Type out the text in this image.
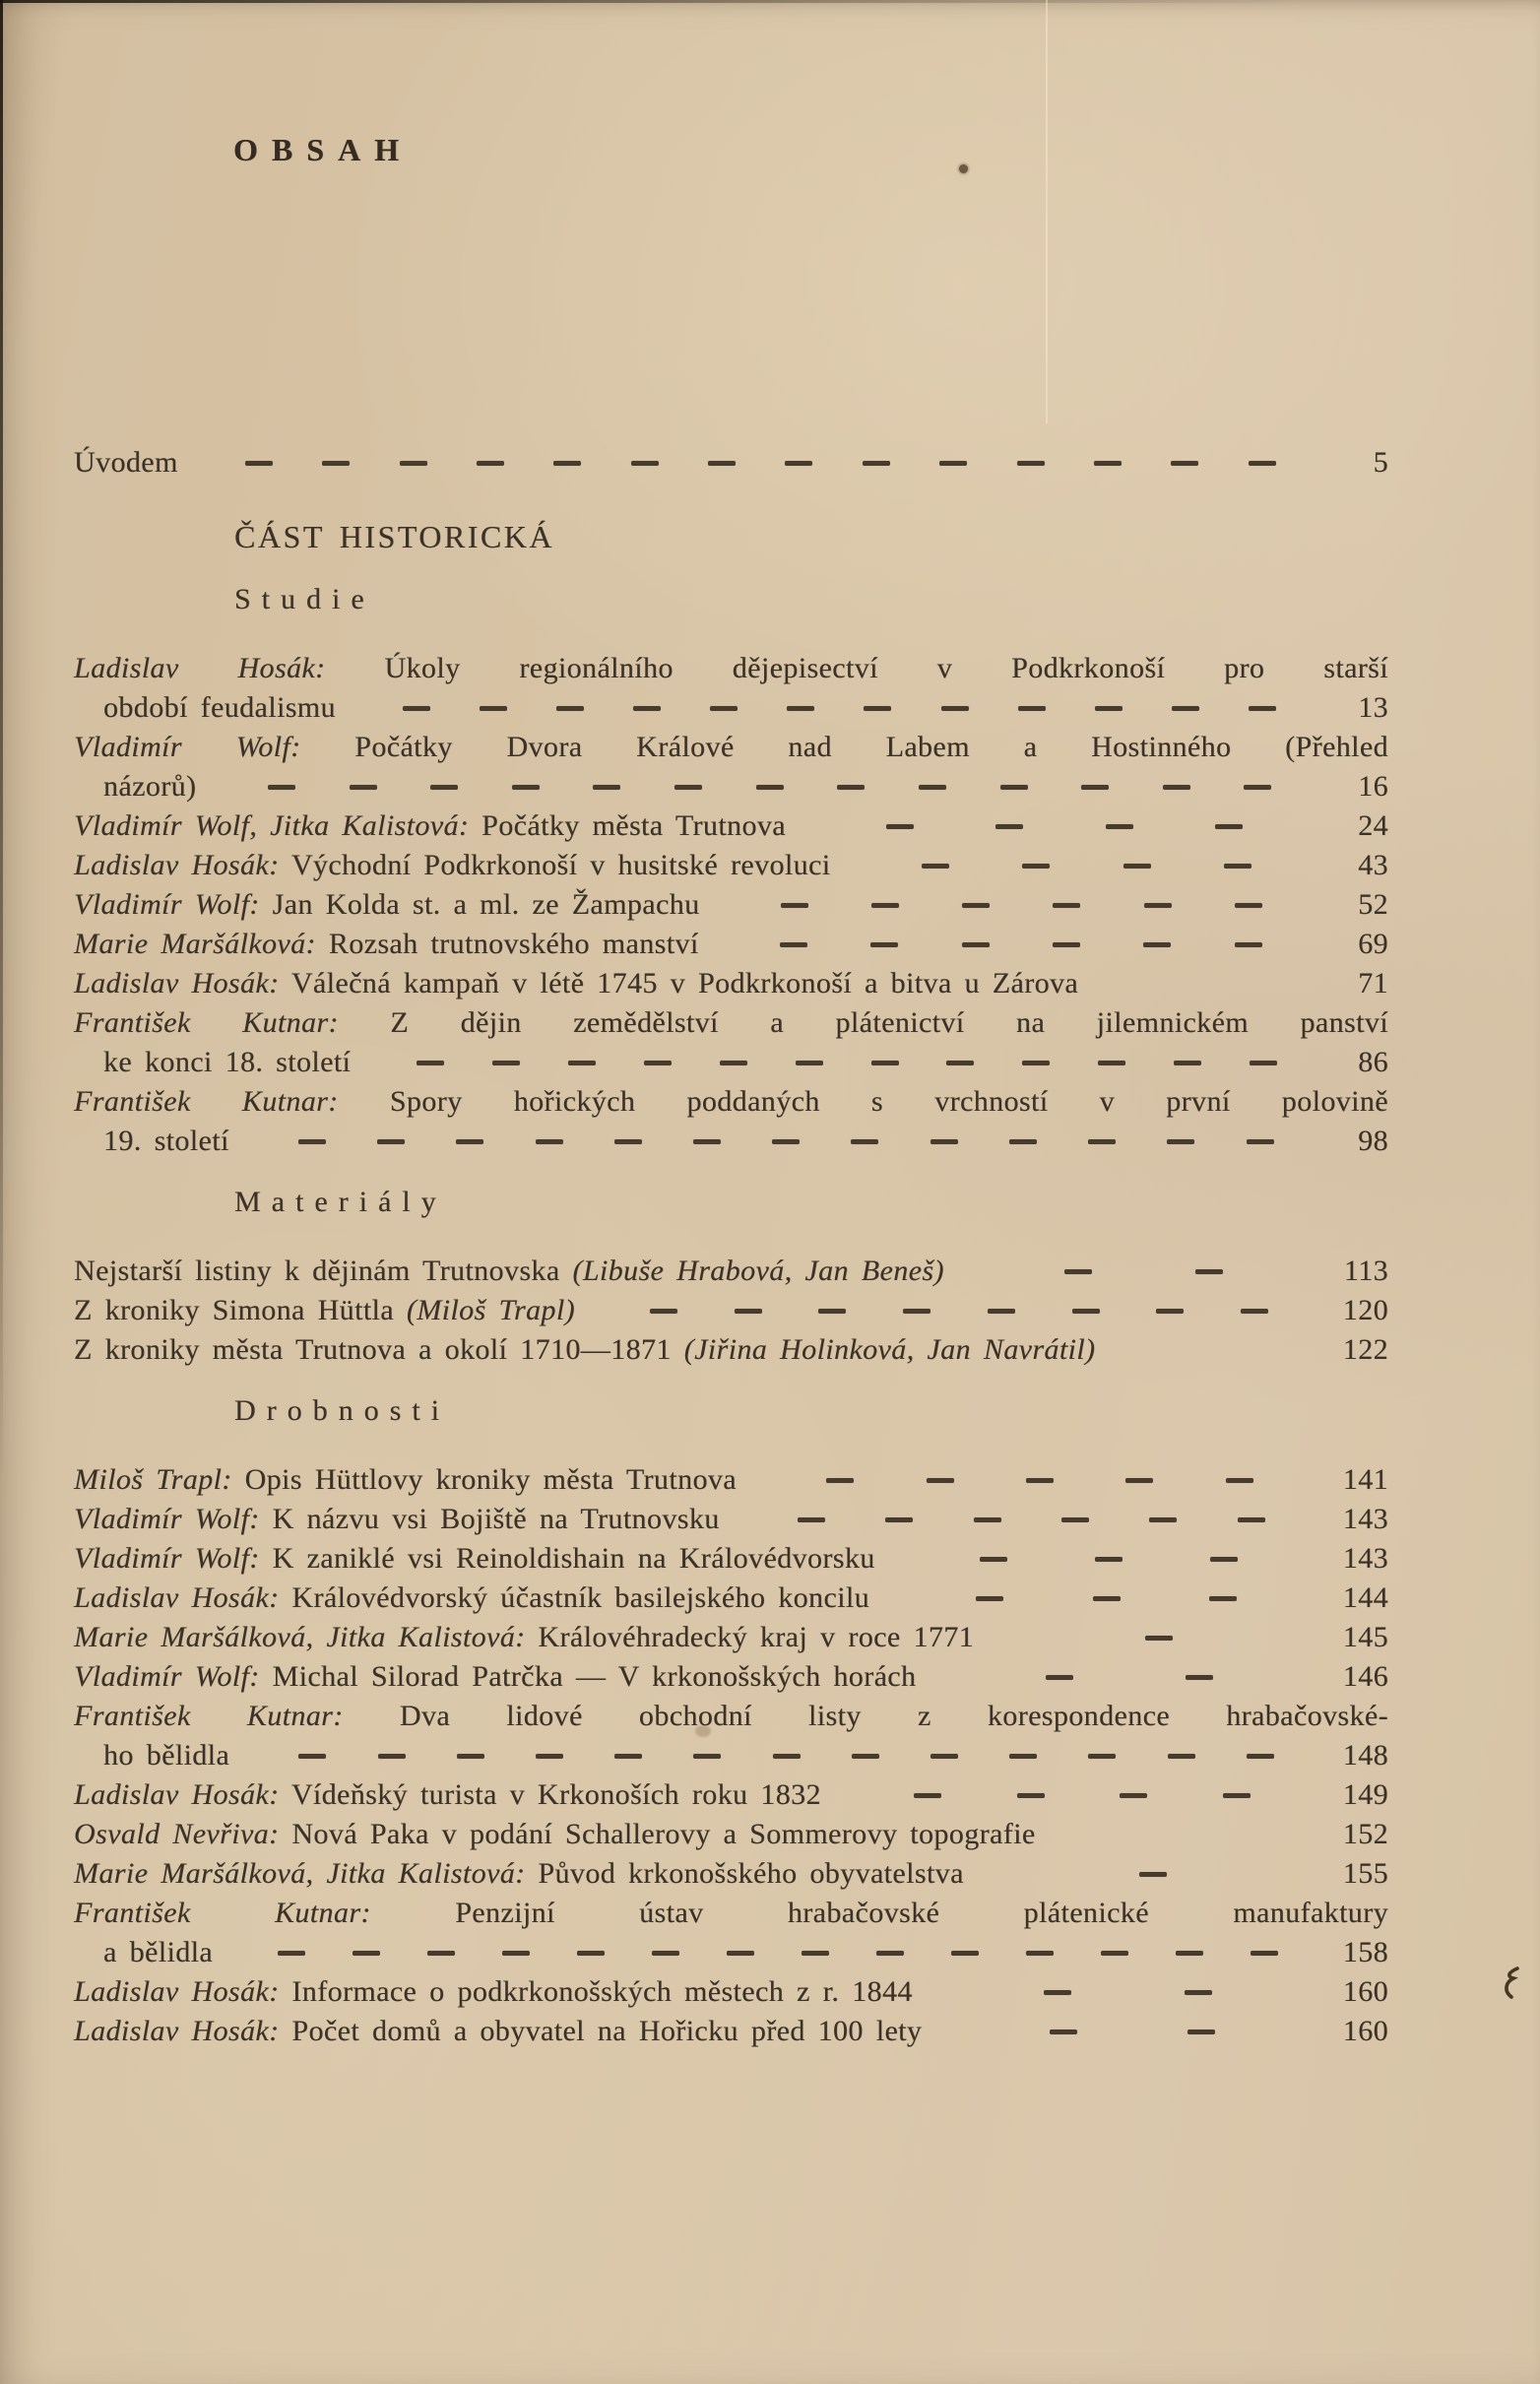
OBSAH
Úvodem	5
ČÁST HISTORICKÁ
Studie
Ladislav Hosák: Úkoly regionálního dějepisectví v Podkrkonoší pro starší
období feudalismu	13
Vladimír Wolf: Počátky Dvora Králové nad Labem a Hostinného (Přehled
názorů)	16
Vladimír Wolf, Jitka Kalistová: Počátky města Trutnova	24
Ladislav Hosák: Východní Podkrkonoší v husitské revoluci	43
Vladimír Wolf: Jan Kolda st. a ml. ze Žampachu	52
Marie Maršálková: Rozsah trutnovského manství	69
Ladislav Hosák: Válečná kampaň v létě 1745 v Podkrkonoší a bitva u Zárova	71
František Kutnar: Z dějin zemědělství a plátenictví na jilemnickém panství
ke konci 18. století	86
František Kutnar: Spory hořických poddaných s vrchností v první polovině
19. století	98
Materiály
Nejstarší listiny k dějinám Trutnovska (Libuše Hrabová, Jan Beneš)	113
Z kroniky Simona Hüttla (Miloš Trapl)	120
Z kroniky města Trutnova a okolí 1710—1871 (Jiřina Holinková, Jan Navrátil)	122
Drobnosti
Miloš Trapl: Opis Hüttlovy kroniky města Trutnova	141
Vladimír Wolf: K názvu vsi Bojiště na Trutnovsku	143
Vladimír Wolf: K zaniklé vsi Reinoldishain na Královédvorsku	143
Ladislav Hosák: Královédvorský účastník basilejského koncilu	144
Marie Maršálková, Jitka Kalistová: Královéhradecký kraj v roce 1771	145
Vladimír Wolf: Michal Silorad Patrčka — V krkonošských horách	146
František Kutnar: Dva lidové obchodní listy z korespondence hrabačovské-
ho bělidla	148
Ladislav Hosák: Vídeňský turista v Krkonoších roku 1832	149
Osvald Nevřiva: Nová Paka v podání Schallerovy a Sommerovy topografie	152
Marie Maršálková, Jitka Kalistová: Původ krkonošského obyvatelstva	155
František Kutnar: Penzijní ústav hrabačovské plátenické manufaktury
a bělidla	158
Ladislav Hosák: Informace o podkrkonošských městech z r. 1844	160
Ladislav Hosák: Počet domů a obyvatel na Hořicku před 100 lety	160
